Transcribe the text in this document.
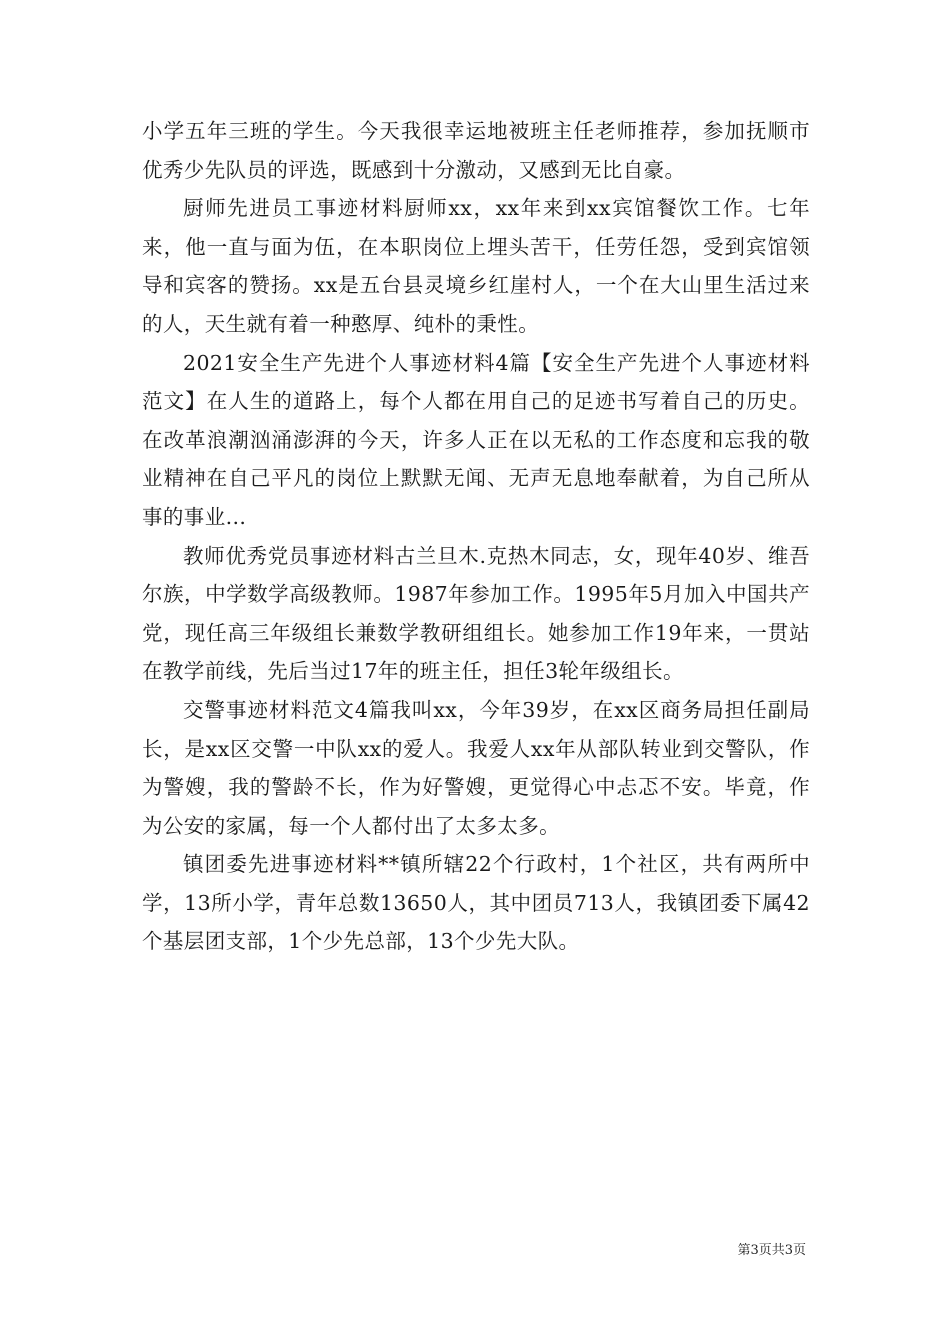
小学五年三班的学生。今天我很幸运地被班主任老师推荐，参加抚顺市优秀少先队员的评选，既感到十分激动，又感到无比自豪。

厨师先进员工事迹材料厨师xx，xx年来到xx宾馆餐饮工作。七年来，他一直与面为伍，在本职岗位上埋头苦干，任劳任怨，受到宾馆领导和宾客的赞扬。xx是五台县灵境乡红崖村人，一个在大山里生活过来的人，天生就有着一种憨厚、纯朴的秉性。

2021安全生产先进个人事迹材料4篇【安全生产先进个人事迹材料范文】在人生的道路上，每个人都在用自己的足迹书写着自己的历史。在改革浪潮汹涌澎湃的今天，许多人正在以无私的工作态度和忘我的敬业精神在自己平凡的岗位上默默无闻、无声无息地奉献着，为自己所从事的事业...

教师优秀党员事迹材料古兰旦木.克热木同志，女，现年40岁、维吾尔族，中学数学高级教师。1987年参加工作。1995年5月加入中国共产党，现任高三年级组长兼数学教研组组长。她参加工作19年来，一贯站在教学前线，先后当过17年的班主任，担任3轮年级组长。

交警事迹材料范文4篇我叫xx，今年39岁，在xx区商务局担任副局长，是xx区交警一中队xx的爱人。我爱人xx年从部队转业到交警队，作为警嫂，我的警龄不长，作为好警嫂，更觉得心中忐忑不安。毕竟，作为公安的家属，每一个人都付出了太多太多。

镇团委先进事迹材料**镇所辖22个行政村，1个社区，共有两所中学，13所小学，青年总数13650人，其中团员713人，我镇团委下属42个基层团支部，1个少先总部，13个少先大队。

第3页共3页
